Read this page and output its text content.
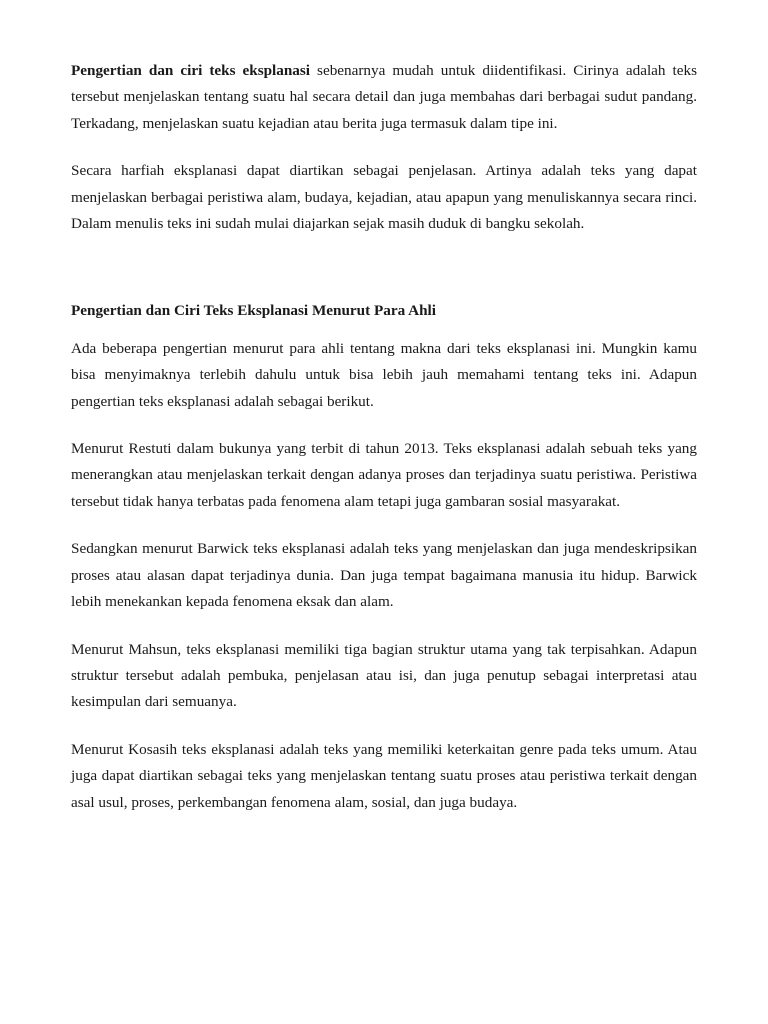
Pengertian dan ciri teks eksplanasi sebenarnya mudah untuk diidentifikasi. Cirinya adalah teks tersebut menjelaskan tentang suatu hal secara detail dan juga membahas dari berbagai sudut pandang. Terkadang, menjelaskan suatu kejadian atau berita juga termasuk dalam tipe ini.

Secara harfiah eksplanasi dapat diartikan sebagai penjelasan. Artinya adalah teks yang dapat menjelaskan berbagai peristiwa alam, budaya, kejadian, atau apapun yang menuliskannya secara rinci. Dalam menulis teks ini sudah mulai diajarkan sejak masih duduk di bangku sekolah.

Pengertian dan Ciri Teks Eksplanasi Menurut Para Ahli

Ada beberapa pengertian menurut para ahli tentang makna dari teks eksplanasi ini. Mungkin kamu bisa menyimaknya terlebih dahulu untuk bisa lebih jauh memahami tentang teks ini. Adapun pengertian teks eksplanasi adalah sebagai berikut.

Menurut Restuti dalam bukunya yang terbit di tahun 2013. Teks eksplanasi adalah sebuah teks yang menerangkan atau menjelaskan terkait dengan adanya proses dan terjadinya suatu peristiwa. Peristiwa tersebut tidak hanya terbatas pada fenomena alam tetapi juga gambaran sosial masyarakat.

Sedangkan menurut Barwick teks eksplanasi adalah teks yang menjelaskan dan juga mendeskripsikan proses atau alasan dapat terjadinya dunia. Dan juga tempat bagaimana manusia itu hidup. Barwick lebih menekankan kepada fenomena eksak dan alam.

Menurut Mahsun, teks eksplanasi memiliki tiga bagian struktur utama yang tak terpisahkan. Adapun struktur tersebut adalah pembuka, penjelasan atau isi, dan juga penutup sebagai interpretasi atau kesimpulan dari semuanya.

Menurut Kosasih teks eksplanasi adalah teks yang memiliki keterkaitan genre pada teks umum. Atau juga dapat diartikan sebagai teks yang menjelaskan tentang suatu proses atau peristiwa terkait dengan asal usul, proses, perkembangan fenomena alam, sosial, dan juga budaya.
